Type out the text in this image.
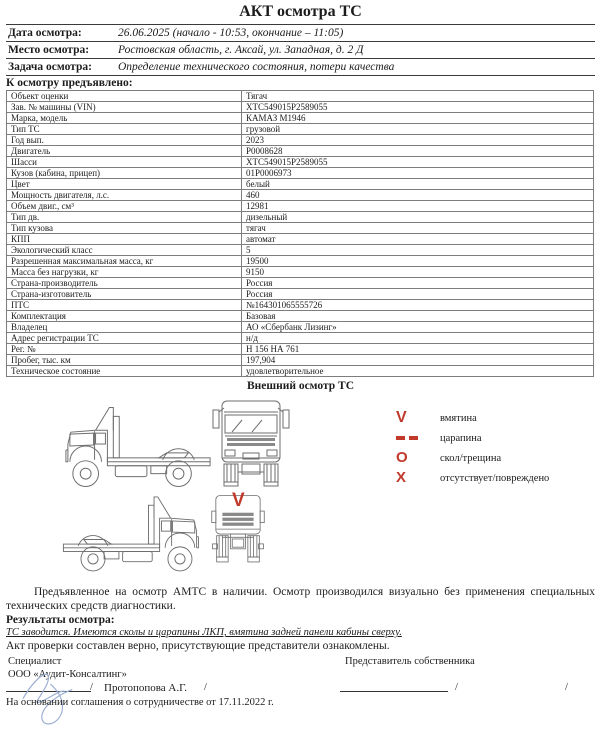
АКТ осмотра ТС
Дата осмотра:	26.06.2025 (начало - 10:53, окончание – 11:05)
Место осмотра:	Ростовская область, г. Аксай, ул. Западная, д. 2 Д
Задача осмотра:	Определение технического состояния, потери качества
К осмотру предъявлено:
Объект оценки	Тягач
Зав. № машины (VIN)	XTC549015P2589055
Марка, модель	КАМАЗ М1946
Тип ТС	грузовой
Год вып.	2023
Двигатель	P0008628
Шасси	XTC549015P2589055
Кузов (кабина, прицеп)	01P0006973
Цвет	белый
Мощность двигателя, л.с.	460
Объем двиг., см³	12981
Тип дв.	дизельный
Тип кузова	тягач
КПП	автомат
Экологический класс	5
Разрешенная максимальная масса, кг	19500
Масса без нагрузки, кг	9150
Страна-производитель	Россия
Страна-изготовитель	Россия
ПТС	№164301065555726
Комплектация	Базовая
Владелец	АО «Сбербанк Лизинг»
Адрес регистрации ТС	н/д
Рег. №	Н 156 НА 761
Пробег, тыс. км	197,904
Техническое состояние	удовлетворительное
Внешний осмотр ТС
V	вмятина
царапина
O	скол/трещина
X	отсутствует/повреждено
V
Предъявленное на осмотр АМТС в наличии. Осмотр производился визуально без применения специальных технических средств диагностики.
Результаты осмотра:
ТС заводится. Имеются сколы и царапины ЛКП, вмятина задней панели кабины сверху.
Акт проверки составлен верно, присутствующие представители ознакомлены.
Специалист	Представитель собственника
ООО «Аудит-Консалтинг»
/ Протопопова А.Г. /	/	/
На основании соглашения о сотрудничестве от 17.11.2022 г.
